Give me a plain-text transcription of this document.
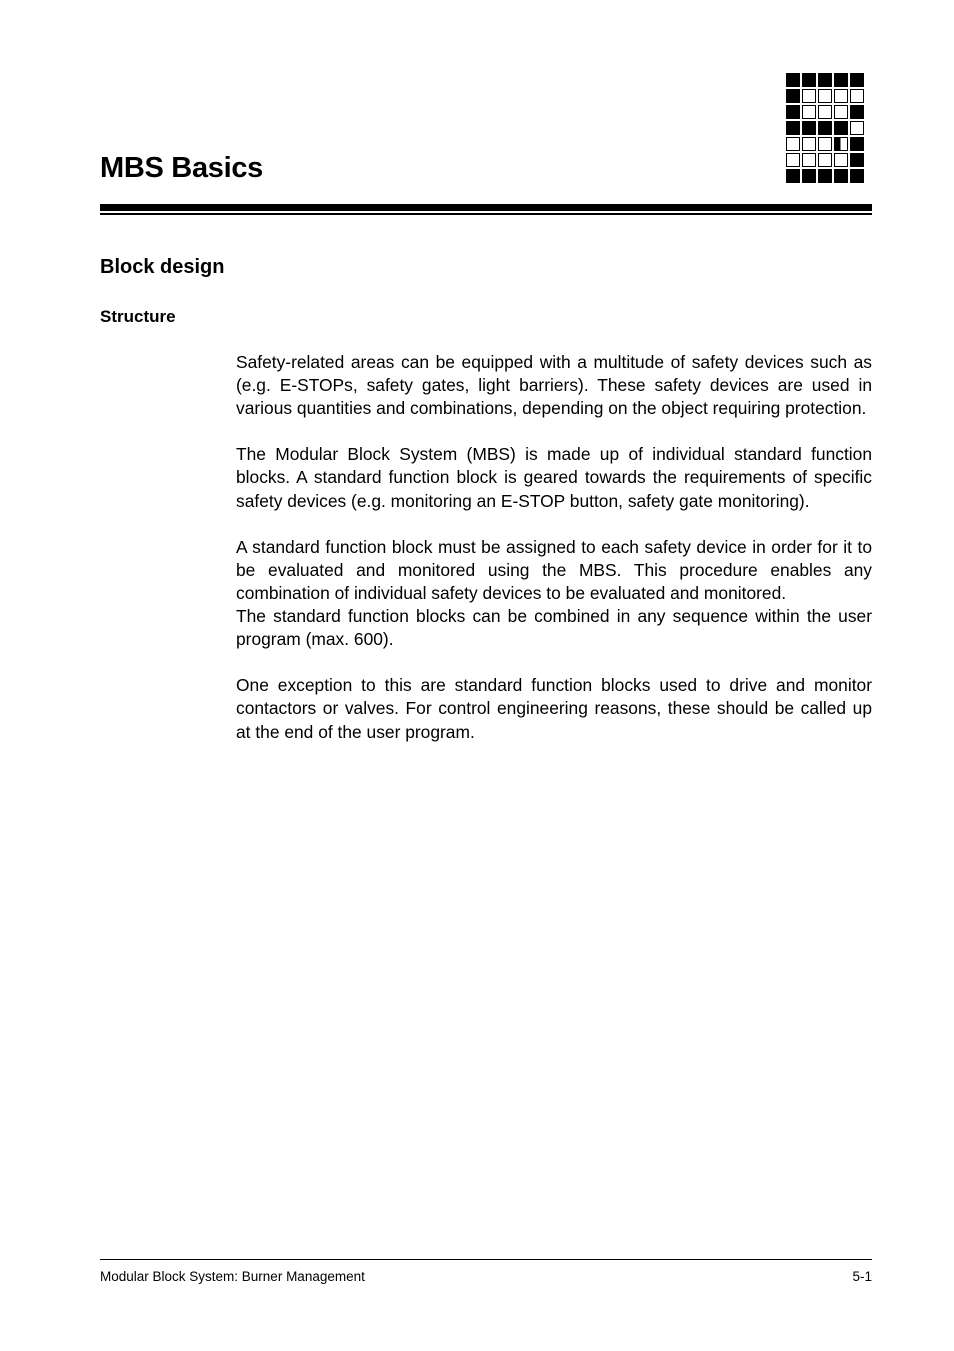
MBS Basics
Block design
Structure

Safety-related areas can be equipped with a multitude of safety devices such as (e.g. E-STOPs, safety gates, light barriers). These safety devices are used in various quantities and combinations, depending on the object requiring protection.

The Modular Block System (MBS) is made up of individual standard function blocks. A standard function block is geared towards the requirements of specific safety devices (e.g. monitoring an E-STOP button, safety gate monitoring).

A standard function block must be assigned to each safety device in order for it to be evaluated and monitored using the MBS. This procedure enables any combination of individual safety devices to be evaluated and monitored.

The standard function blocks can be combined in any sequence within the user program (max. 600).

One exception to this are standard function blocks used to drive and monitor contactors or valves. For control engineering reasons, these should be called up at the end of the user program.

Modular Block System: Burner Management	5-1
